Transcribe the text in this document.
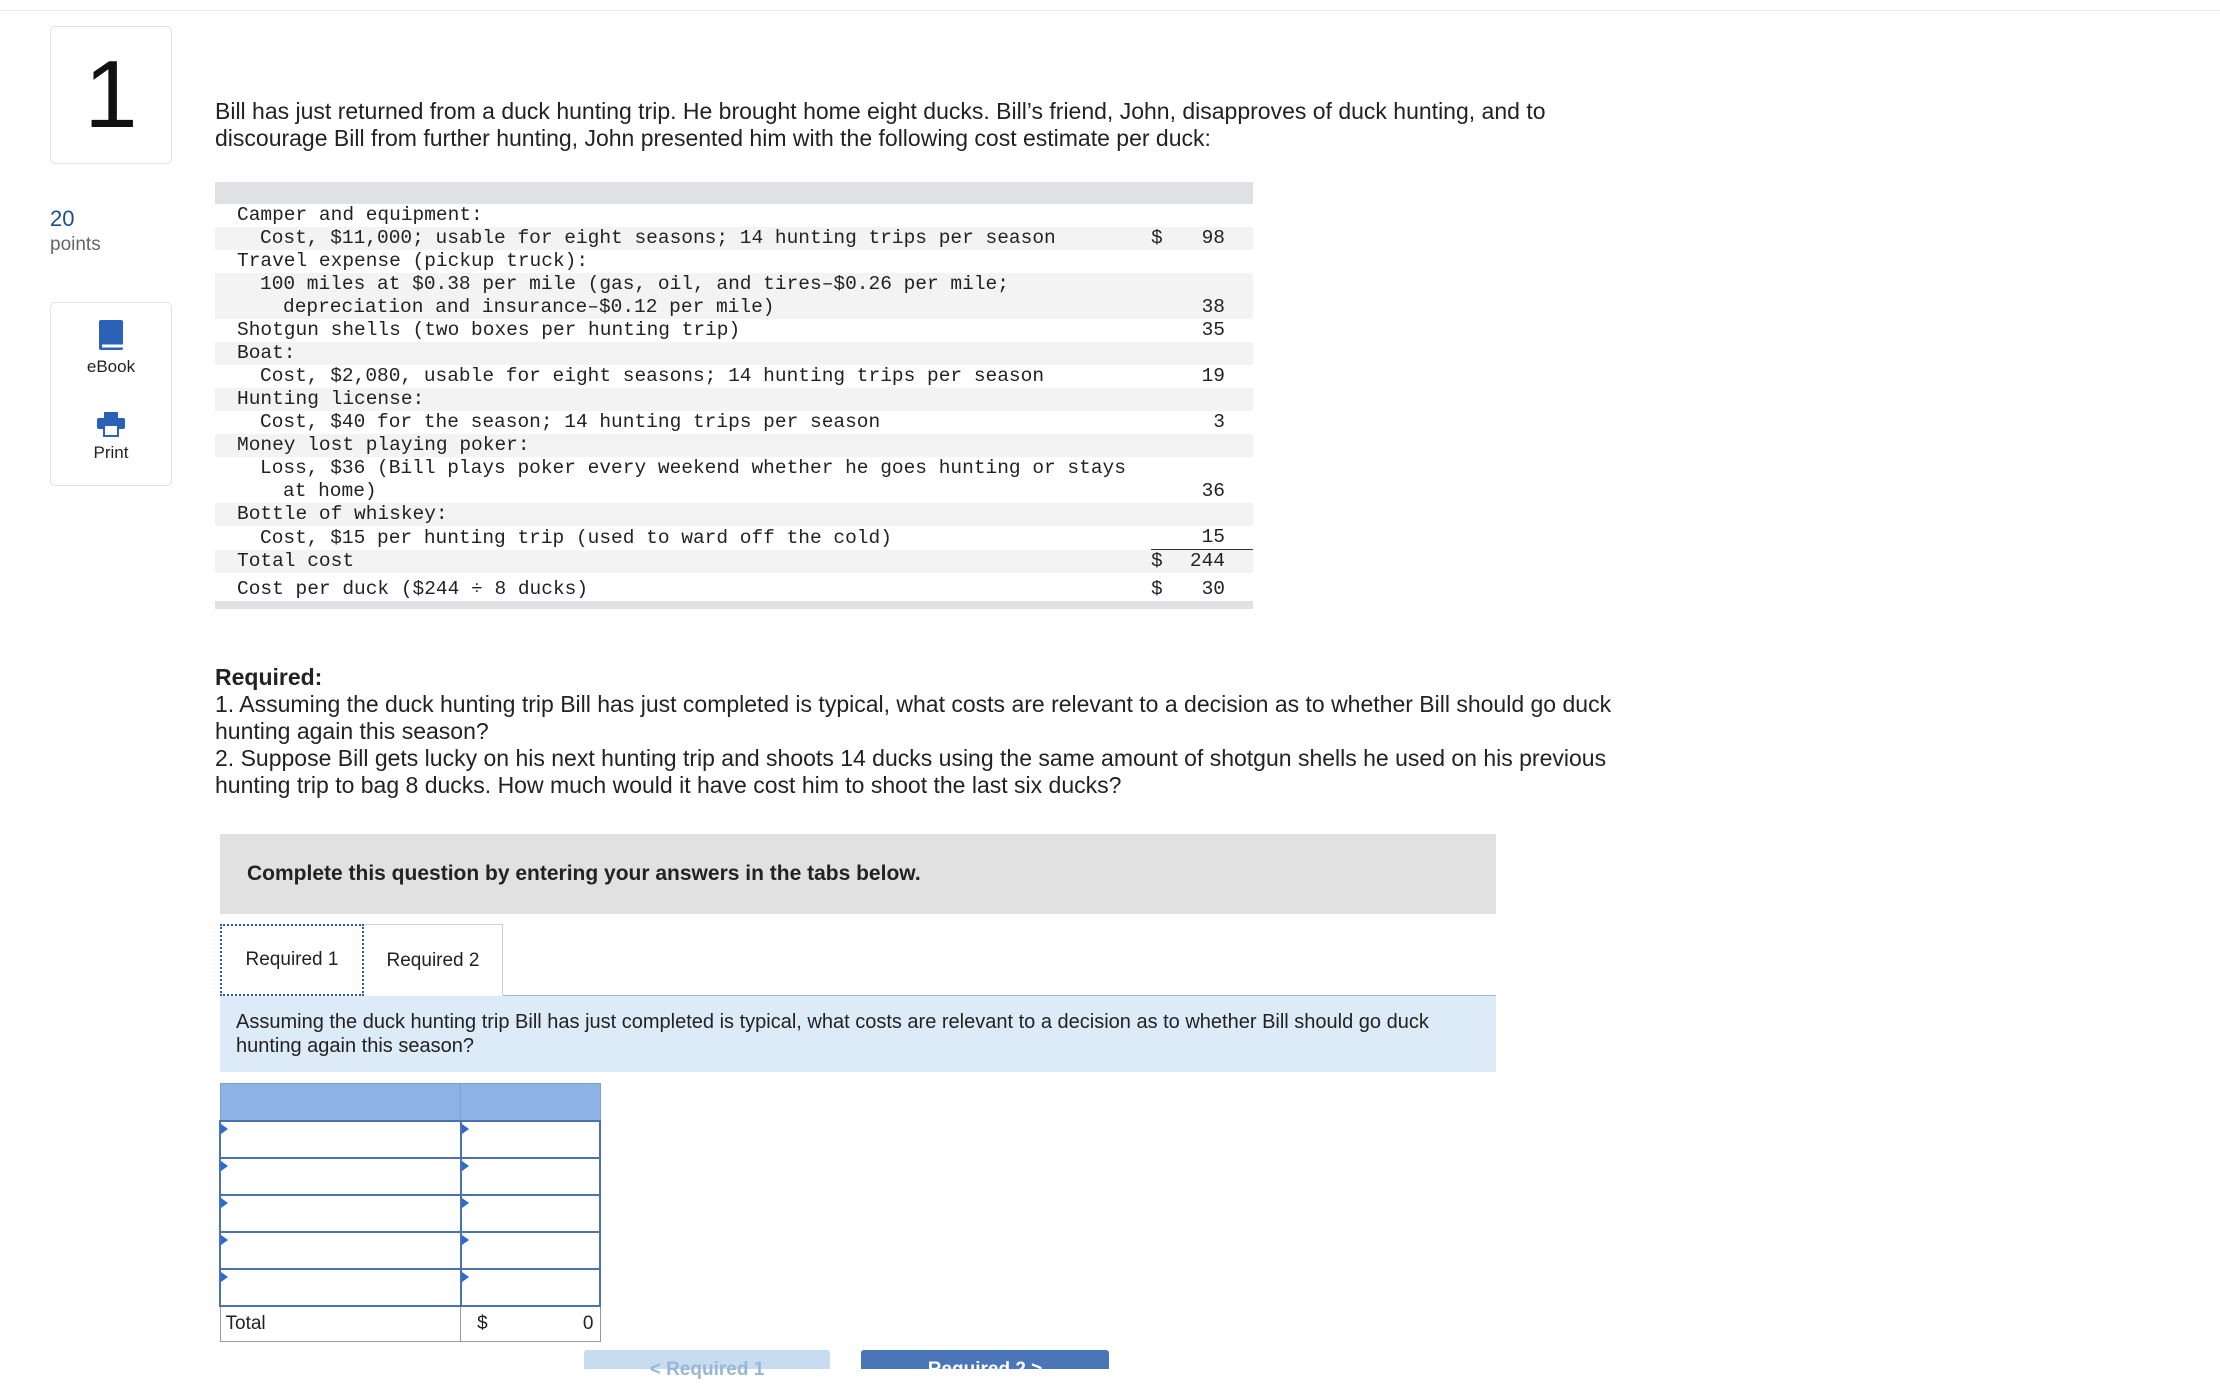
1
20
points
eBook
Print

Bill has just returned from a duck hunting trip. He brought home eight ducks. Bill’s friend, John, disapproves of duck hunting, and to discourage Bill from further hunting, John presented him with the following cost estimate per duck:

Camper and equipment:		
Cost, $11,000; usable for eight seasons; 14 hunting trips per season	$	98
Travel expense (pickup truck):		
100 miles at $0.38 per mile (gas, oil, and tires–$0.26 per mile;		
depreciation and insurance–$0.12 per mile)		38
Shotgun shells (two boxes per hunting trip)		35
Boat:		
Cost, $2,080, usable for eight seasons; 14 hunting trips per season		19
Hunting license:		
Cost, $40 for the season; 14 hunting trips per season		3
Money lost playing poker:		
Loss, $36 (Bill plays poker every weekend whether he goes hunting or stays		
at home)		36
Bottle of whiskey:		
Cost, $15 per hunting trip (used to ward off the cold)		15
Total cost	$	244
Cost per duck ($244 ÷ 8 ducks)	$	30

Required:

1. Assuming the duck hunting trip Bill has just completed is typical, what costs are relevant to a decision as to whether Bill should go duck hunting again this season?

2. Suppose Bill gets lucky on his next hunting trip and shoots 14 ducks using the same amount of shotgun shells he used on his previous hunting trip to bag 8 ducks. How much would it have cost him to shoot the last six ducks?

Complete this question by entering your answers in the tabs below.
Required 1	Required 2
Assuming the duck hunting trip Bill has just completed is typical, what costs are relevant to a decision as to whether Bill should go duck hunting again this season?

Total	$ 0
< Required 1	Required 2 >
